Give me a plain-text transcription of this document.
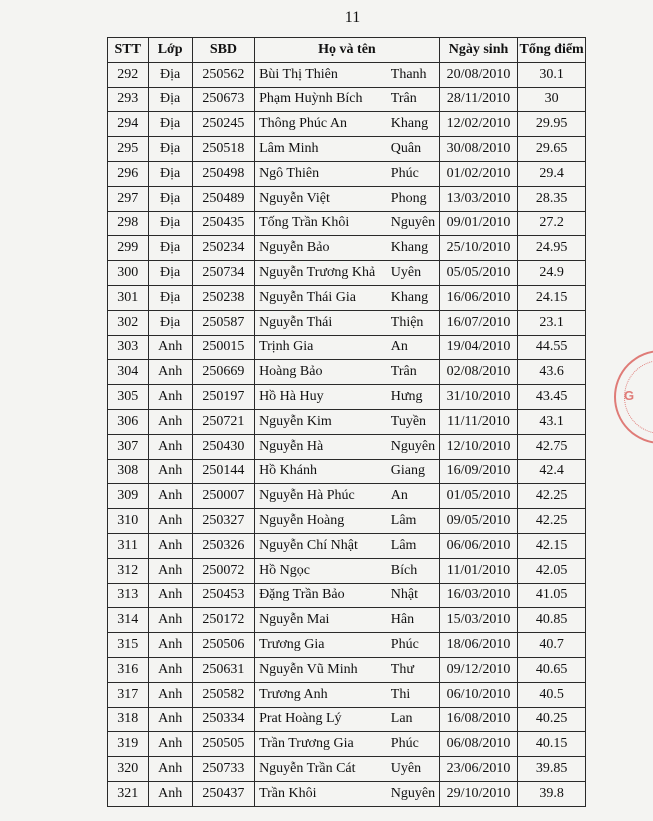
11
STT	Lớp	SBD	Họ và tên	Ngày sinh	Tổng điểm
292	Địa	250562	Bùi Thị Thiên Thanh	20/08/2010	30.1
293	Địa	250673	Phạm Huỳnh Bích Trân	28/11/2010	30
294	Địa	250245	Thông Phúc An Khang	12/02/2010	29.95
295	Địa	250518	Lâm Minh Quân	30/08/2010	29.65
296	Địa	250498	Ngô Thiên Phúc	01/02/2010	29.4
297	Địa	250489	Nguyễn Việt Phong	13/03/2010	28.35
298	Địa	250435	Tống Trần Khôi Nguyên	09/01/2010	27.2
299	Địa	250234	Nguyễn Bảo Khang	25/10/2010	24.95
300	Địa	250734	Nguyễn Trương Khả Uyên	05/05/2010	24.9
301	Địa	250238	Nguyễn Thái Gia Khang	16/06/2010	24.15
302	Địa	250587	Nguyễn Thái Thiện	16/07/2010	23.1
303	Anh	250015	Trịnh Gia An	19/04/2010	44.55
304	Anh	250669	Hoàng Bảo Trân	02/08/2010	43.6
305	Anh	250197	Hồ Hà Huy Hưng	31/10/2010	43.45
306	Anh	250721	Nguyễn Kim Tuyền	11/11/2010	43.1
307	Anh	250430	Nguyễn Hà Nguyên	12/10/2010	42.75
308	Anh	250144	Hồ Khánh Giang	16/09/2010	42.4
309	Anh	250007	Nguyễn Hà Phúc An	01/05/2010	42.25
310	Anh	250327	Nguyễn Hoàng Lâm	09/05/2010	42.25
311	Anh	250326	Nguyễn Chí Nhật Lâm	06/06/2010	42.15
312	Anh	250072	Hồ Ngọc Bích	11/01/2010	42.05
313	Anh	250453	Đặng Trần Bảo Nhật	16/03/2010	41.05
314	Anh	250172	Nguyễn Mai Hân	15/03/2010	40.85
315	Anh	250506	Trương Gia Phúc	18/06/2010	40.7
316	Anh	250631	Nguyễn Vũ Minh Thư	09/12/2010	40.65
317	Anh	250582	Trương Anh Thi	06/10/2010	40.5
318	Anh	250334	Prat Hoàng Lý Lan	16/08/2010	40.25
319	Anh	250505	Trần Trương Gia Phúc	06/08/2010	40.15
320	Anh	250733	Nguyễn Trần Cát Uyên	23/06/2010	39.85
321	Anh	250437	Trần Khôi Nguyên	29/10/2010	39.8
G
